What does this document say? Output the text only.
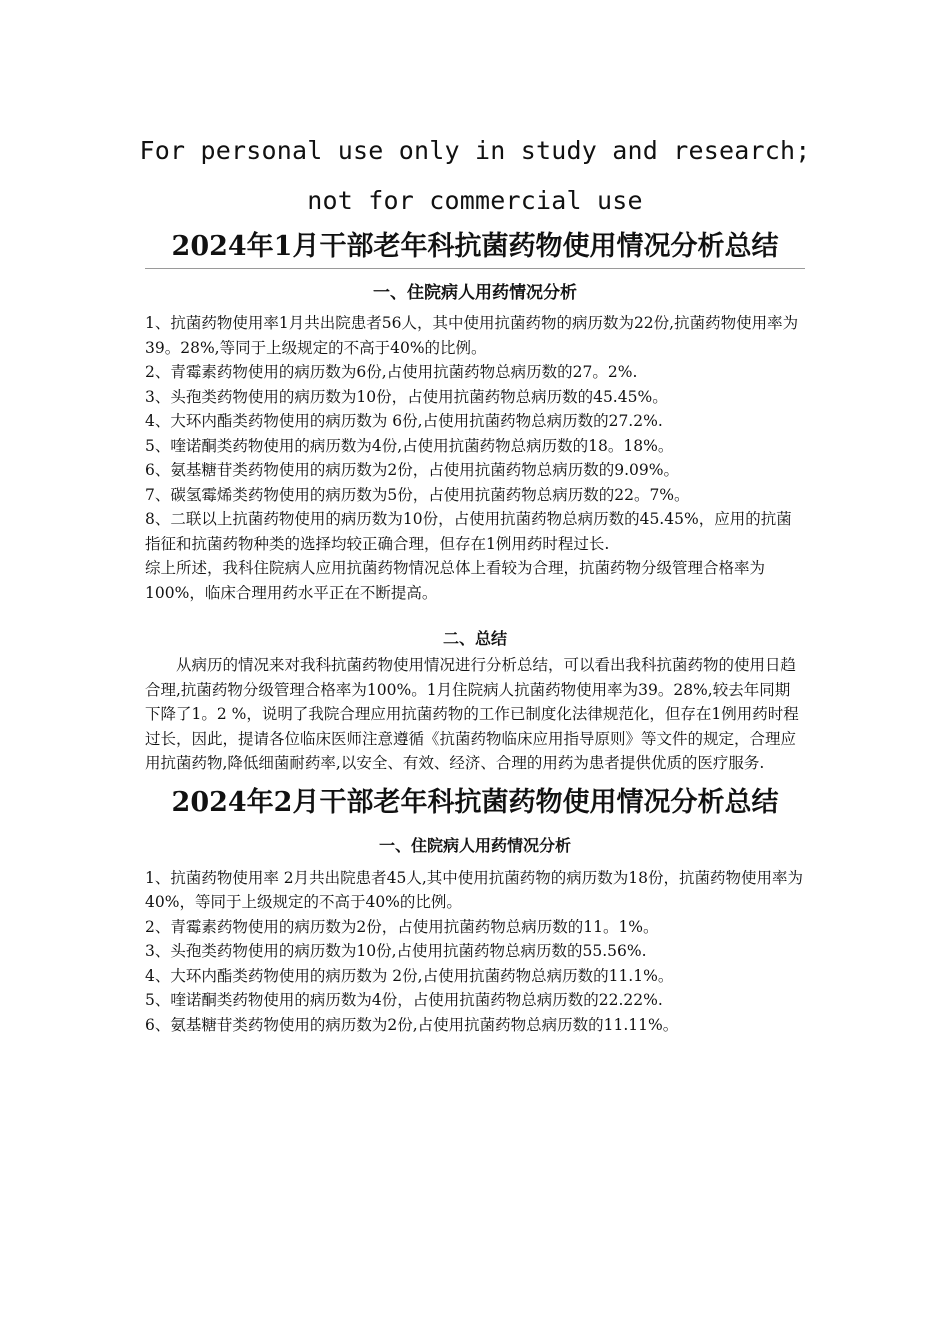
For personal use only in study and research;
not for commercial use
2024年1月干部老年科抗菌药物使用情况分析总结
一、住院病人用药情况分析

1、抗菌药物使用率1月共出院患者56人，其中使用抗菌药物的病历数为22份,抗菌药物使用率为39。28%,等同于上级规定的不高于40%的比例。

2、青霉素药物使用的病历数为6份,占使用抗菌药物总病历数的27。2%.

3、头孢类药物使用的病历数为10份，占使用抗菌药物总病历数的45.45%。

4、大环内酯类药物使用的病历数为 6份,占使用抗菌药物总病历数的27.2%.

5、喹诺酮类药物使用的病历数为4份,占使用抗菌药物总病历数的18。18%。

6、氨基糖苷类药物使用的病历数为2份，占使用抗菌药物总病历数的9.09%。

7、碳氢霉烯类药物使用的病历数为5份，占使用抗菌药物总病历数的22。7%。

8、二联以上抗菌药物使用的病历数为10份，占使用抗菌药物总病历数的45.45%，应用的抗菌指征和抗菌药物种类的选择均较正确合理，但存在1例用药时程过长.

综上所述，我科住院病人应用抗菌药物情况总体上看较为合理，抗菌药物分级管理合格率为100%，临床合理用药水平正在不断提高。

二、总结

从病历的情况来对我科抗菌药物使用情况进行分析总结，可以看出我科抗菌药物的使用日趋合理,抗菌药物分级管理合格率为100%。1月住院病人抗菌药物使用率为39。28%,较去年同期下降了1。2 %，说明了我院合理应用抗菌药物的工作已制度化法律规范化，但存在1例用药时程过长，因此，提请各位临床医师注意遵循《抗菌药物临床应用指导原则》等文件的规定，合理应用抗菌药物,降低细菌耐药率,以安全、有效、经济、合理的用药为患者提供优质的医疗服务.

2024年2月干部老年科抗菌药物使用情况分析总结
一、住院病人用药情况分析

1、抗菌药物使用率 2月共出院患者45人,其中使用抗菌药物的病历数为18份，抗菌药物使用率为40%，等同于上级规定的不高于40%的比例。

2、青霉素药物使用的病历数为2份，占使用抗菌药物总病历数的11。1%。

3、头孢类药物使用的病历数为10份,占使用抗菌药物总病历数的55.56%.

4、大环内酯类药物使用的病历数为 2份,占使用抗菌药物总病历数的11.1%。

5、喹诺酮类药物使用的病历数为4份，占使用抗菌药物总病历数的22.22%.

6、氨基糖苷类药物使用的病历数为2份,占使用抗菌药物总病历数的11.11%。
